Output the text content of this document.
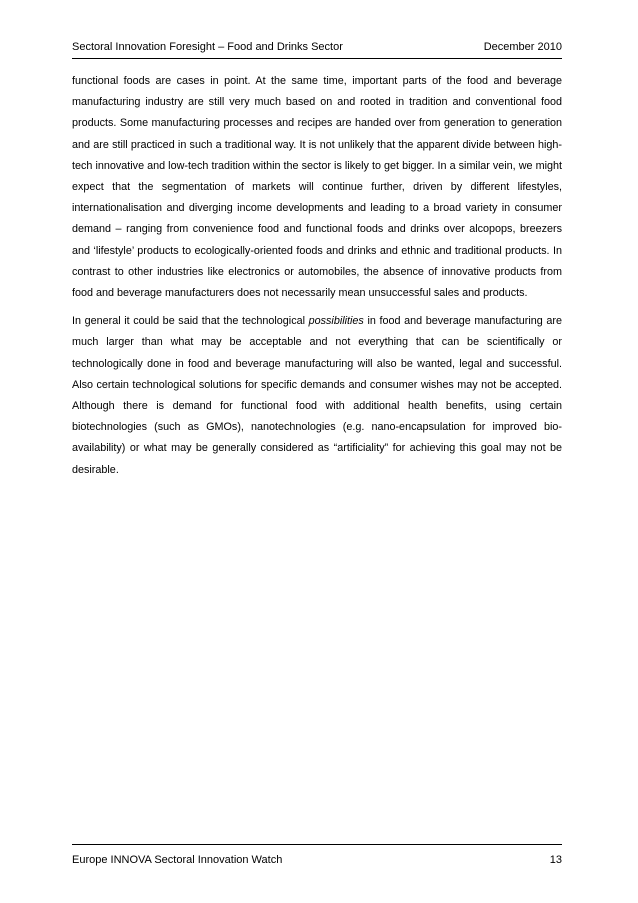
Sectoral Innovation Foresight – Food and Drinks Sector	December 2010

functional foods are cases in point. At the same time, important parts of the food and beverage manufacturing industry are still very much based on and rooted in tradition and conventional food products. Some manufacturing processes and recipes are handed over from generation to generation and are still practiced in such a traditional way. It is not unlikely that the apparent divide between high-tech innovative and low-tech tradition within the sector is likely to get bigger. In a similar vein, we might expect that the segmentation of markets will continue further, driven by different lifestyles, internationalisation and diverging income developments and leading to a broad variety in consumer demand – ranging from convenience food and functional foods and drinks over alcopops, breezers and ‘lifestyle’ products to ecologically-oriented foods and drinks and ethnic and traditional products. In contrast to other industries like electronics or automobiles, the absence of innovative products from food and beverage manufacturers does not necessarily mean unsuccessful sales and products.

In general it could be said that the technological possibilities in food and beverage manufacturing are much larger than what may be acceptable and not everything that can be scientifically or technologically done in food and beverage manufacturing will also be wanted, legal and successful. Also certain technological solutions for specific demands and consumer wishes may not be accepted. Although there is demand for functional food with additional health benefits, using certain biotechnologies (such as GMOs), nanotechnologies (e.g. nano-encapsulation for improved bio-availability) or what may be generally considered as “artificiality” for achieving this goal may not be desirable.

Europe INNOVA Sectoral Innovation Watch	13
